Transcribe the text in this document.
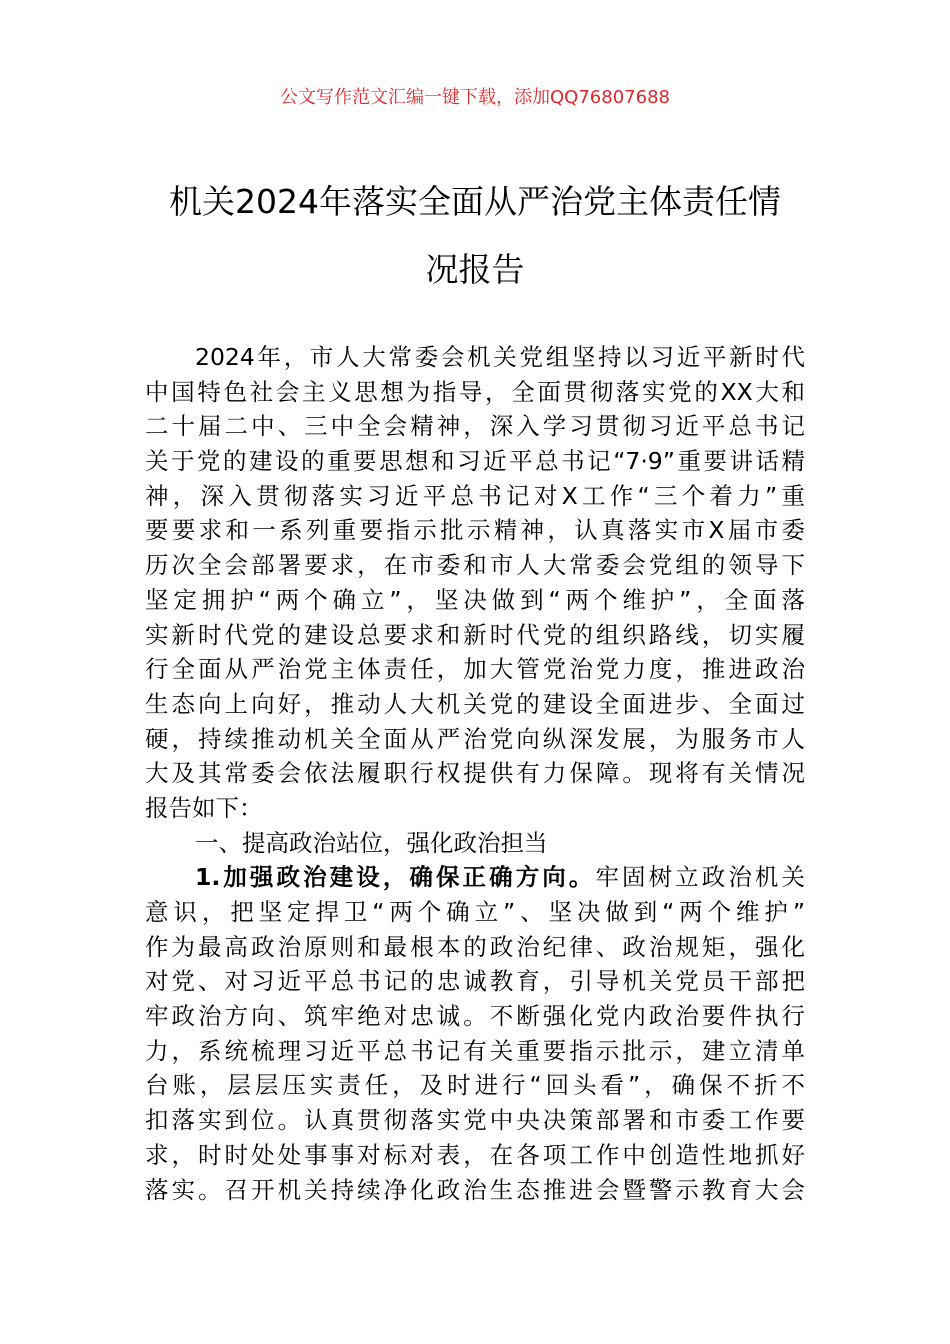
公文写作范文汇编一键下载，添加QQ76807688
机关2024年落实全面从严治党主体责任情
况报告
2024年，市人大常委会机关党组坚持以习近平新时代
中国特色社会主义思想为指导，全面贯彻落实党的XX大和
二十届二中、三中全会精神，深入学习贯彻习近平总书记
关于党的建设的重要思想和习近平总书记“7·9”重要讲话精
神，深入贯彻落实习近平总书记对X工作“三个着力”重
要要求和一系列重要指示批示精神，认真落实市X届市委
历次全会部署要求，在市委和市人大常委会党组的领导下
坚定拥护“两个确立”，坚决做到“两个维护”，全面落
实新时代党的建设总要求和新时代党的组织路线，切实履
行全面从严治党主体责任，加大管党治党力度，推进政治
生态向上向好，推动人大机关党的建设全面进步、全面过
硬，持续推动机关全面从严治党向纵深发展，为服务市人
大及其常委会依法履职行权提供有力保障。现将有关情况
报告如下：
一、提高政治站位，强化政治担当
1.加强政治建设，确保正确方向。牢固树立政治机关
意识，把坚定捍卫“两个确立”、坚决做到“两个维护”
作为最高政治原则和最根本的政治纪律、政治规矩，强化
对党、对习近平总书记的忠诚教育，引导机关党员干部把
牢政治方向、筑牢绝对忠诚。不断强化党内政治要件执行
力，系统梳理习近平总书记有关重要指示批示，建立清单
台账，层层压实责任，及时进行“回头看”，确保不折不
扣落实到位。认真贯彻落实党中央决策部署和市委工作要
求，时时处处事事对标对表，在各项工作中创造性地抓好
落实。召开机关持续净化政治生态推进会暨警示教育大会
